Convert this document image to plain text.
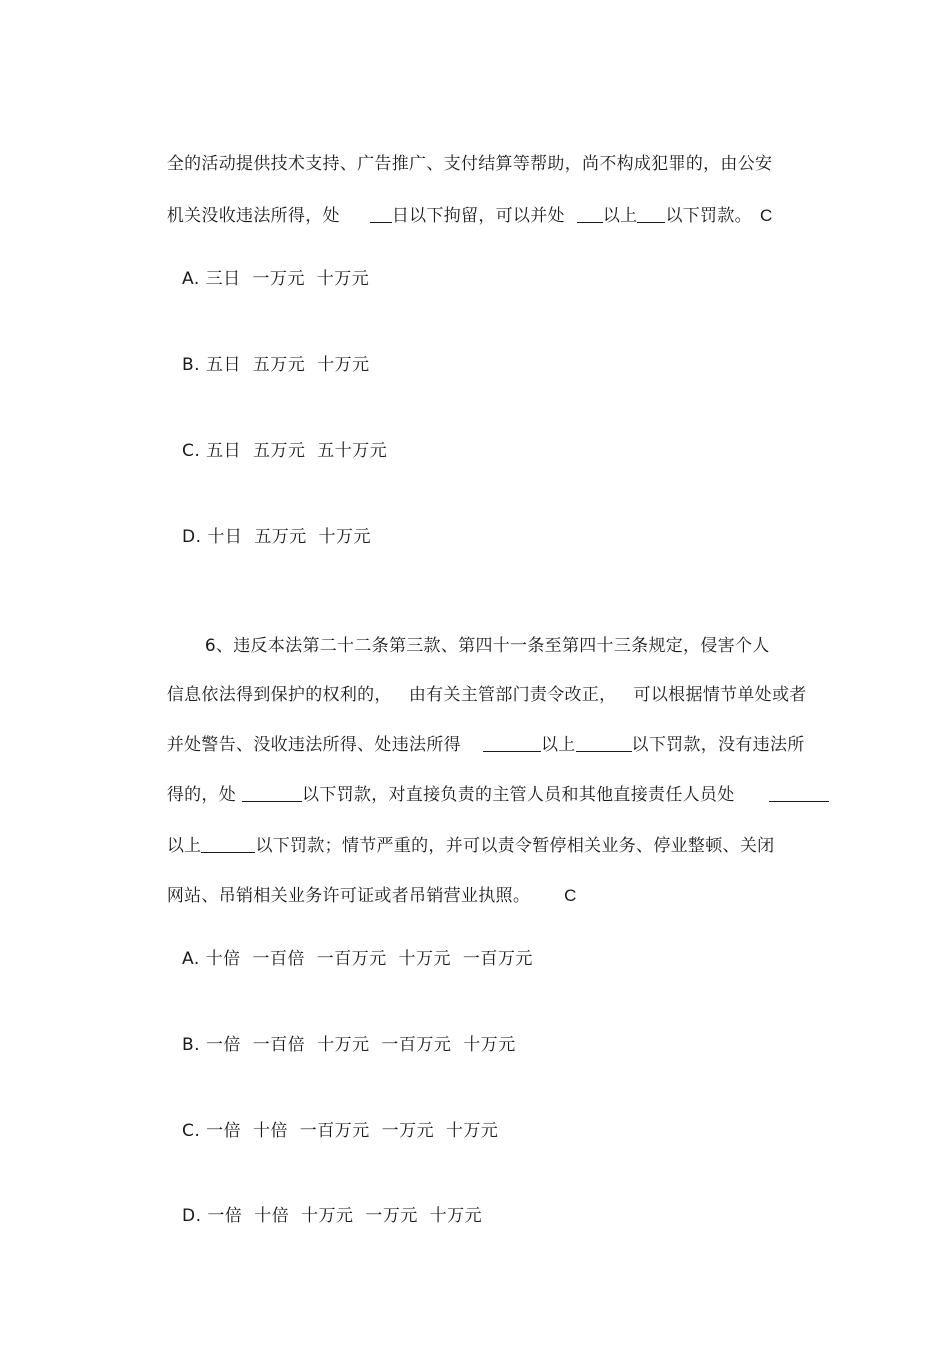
全的活动提供技术支持、广告推广、支付结算等帮助，尚不构成犯罪的，由公安

机关没收违法所得，处	日以下拘留，可以并处 以上 以下罚款。 C

A. 三日  一万元  十万元
B. 五日  五万元  十万元
C. 五日  五万元  五十万元
D. 十日  五万元  十万元

6、违反本法第二十二条第三款、第四十一条至第四十三条规定，侵害个人

信息依法得到保护的权利的，   由有关主管部门责令改正，   可以根据情节单处或者

并处警告、没收违法所得、处违法所得	以上	以下罚款，没有违法所

得的，处	以下罚款，对直接负责的主管人员和其他直接责任人员处

以上	以下罚款；情节严重的，并可以责令暂停相关业务、停业整顿、关闭

网站、吊销相关业务许可证或者吊销营业执照。 C

A. 十倍  一百倍  一百万元  十万元  一百万元
B. 一倍  一百倍  十万元  一百万元  十万元
C. 一倍  十倍  一百万元  一万元  十万元
D. 一倍  十倍  十万元  一万元  十万元
